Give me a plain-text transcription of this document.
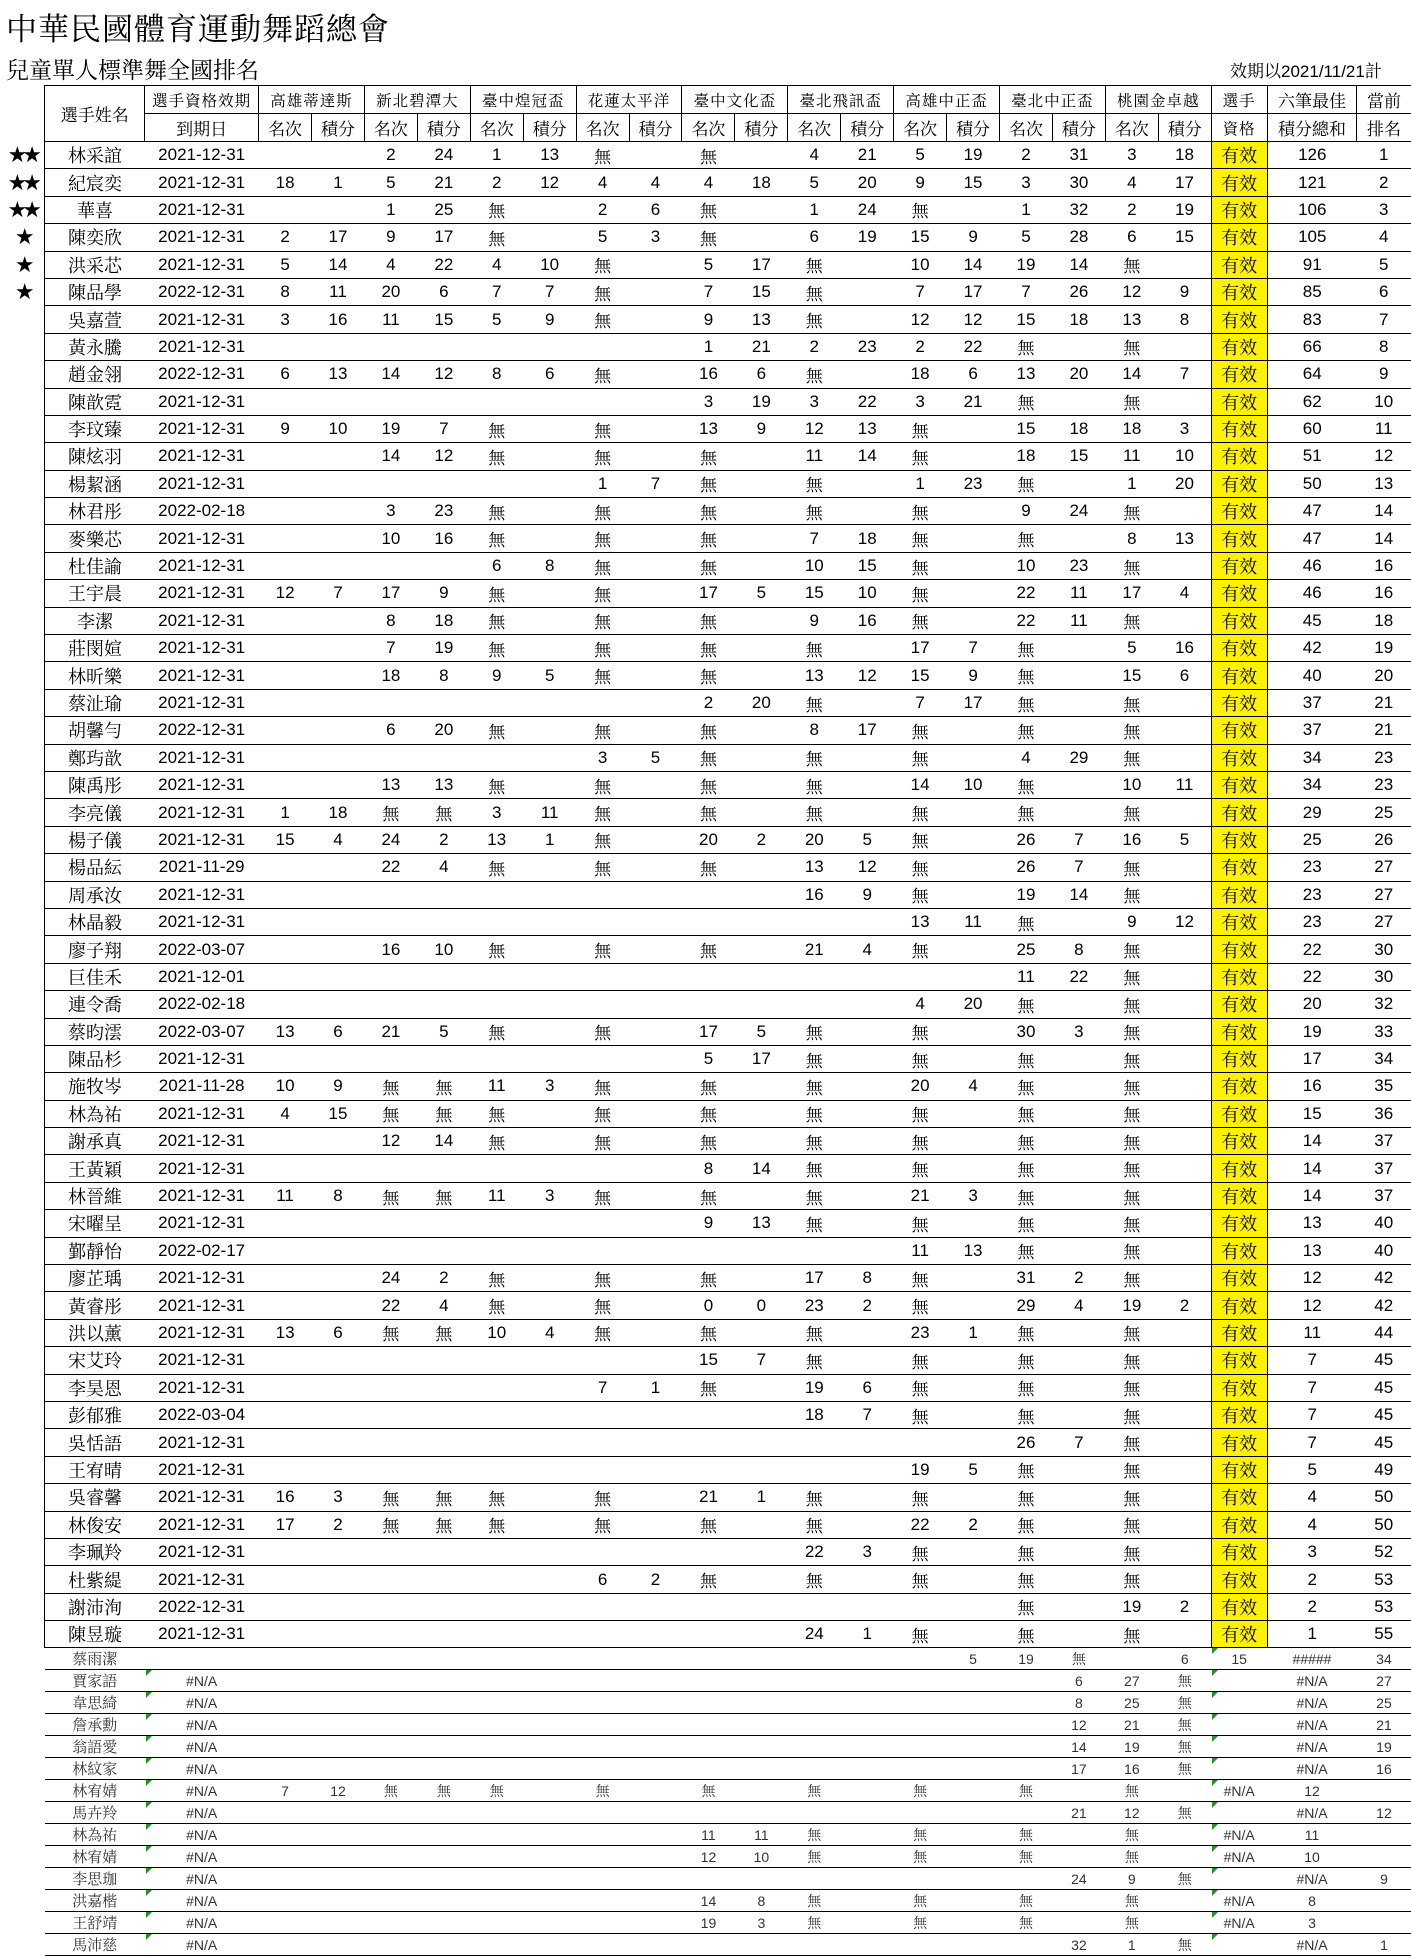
中華民國體育運動舞蹈總會
兒童單人標準舞全國排名	效期以2021/11/21計
	選手姓名	選手資格效期	高雄蒂達斯		新北碧潭大		臺中煌冠盃		花蓮太平洋		臺中文化盃		臺北飛訊盃		高雄中正盃		臺北中正盃		桃園金卓越		選手	六筆最佳	當前	
		到期日	名次	積分	名次	積分	名次	積分	名次	積分	名次	積分	名次	積分	名次	積分	名次	積分	名次	積分	資格	積分總和	排名	
★★	林采誼	2021-12-31			2	24	1	13	無		無		4	21	5	19	2	31	3	18	有效	126	1	
★★	紀宸奕	2021-12-31	18	1	5	21	2	12	4	4	4	18	5	20	9	15	3	30	4	17	有效	121	2	
★★	華喜	2021-12-31			1	25	無		2	6	無		1	24	無		1	32	2	19	有效	106	3	
★	陳奕欣	2021-12-31	2	17	9	17	無		5	3	無		6	19	15	9	5	28	6	15	有效	105	4	
★	洪采芯	2021-12-31	5	14	4	22	4	10	無		5	17	無		10	14	19	14	無		有效	91	5	
★	陳品學	2022-12-31	8	11	20	6	7	7	無		7	15	無		7	17	7	26	12	9	有效	85	6	
	吳嘉萱	2021-12-31	3	16	11	15	5	9	無		9	13	無		12	12	15	18	13	8	有效	83	7	
	黃永騰	2021-12-31									1	21	2	23	2	22	無		無		有效	66	8	
	趙金翎	2022-12-31	6	13	14	12	8	6	無		16	6	無		18	6	13	20	14	7	有效	64	9	
	陳歆霓	2021-12-31									3	19	3	22	3	21	無		無		有效	62	10	
	李玟臻	2021-12-31	9	10	19	7	無		無		13	9	12	13	無		15	18	18	3	有效	60	11	
	陳炫羽	2021-12-31			14	12	無		無		無		11	14	無		18	15	11	10	有效	51	12	
	楊絜涵	2021-12-31							1	7	無		無		1	23	無		1	20	有效	50	13	
	林君彤	2022-02-18			3	23	無		無		無		無		無		9	24	無		有效	47	14	
	麥樂芯	2021-12-31			10	16	無		無		無		7	18	無		無		8	13	有效	47	14	
	杜佳諭	2021-12-31					6	8	無		無		10	15	無		10	23	無		有效	46	16	
	王宇晨	2021-12-31	12	7	17	9	無		無		17	5	15	10	無		22	11	17	4	有效	46	16	
	李潔	2021-12-31			8	18	無		無		無		9	16	無		22	11	無		有效	45	18	
	莊閔媗	2021-12-31			7	19	無		無		無		無		17	7	無		5	16	有效	42	19	
	林昕樂	2021-12-31			18	8	9	5	無		無		13	12	15	9	無		15	6	有效	40	20	
	蔡沚瑜	2021-12-31									2	20	無		7	17	無		無		有效	37	21	
	胡馨勻	2022-12-31			6	20	無		無		無		8	17	無		無		無		有效	37	21	
	鄭玙歆	2021-12-31							3	5	無		無		無		4	29	無		有效	34	23	
	陳禹彤	2021-12-31			13	13	無		無		無		無		14	10	無		10	11	有效	34	23	
	李亮儀	2021-12-31	1	18	無	無	3	11	無		無		無		無		無		無		有效	29	25	
	楊子儀	2021-12-31	15	4	24	2	13	1	無		20	2	20	5	無		26	7	16	5	有效	25	26	
	楊品紜	2021-11-29			22	4	無		無		無		13	12	無		26	7	無		有效	23	27	
	周承汝	2021-12-31											16	9	無		19	14	無		有效	23	27	
	林晶毅	2021-12-31													13	11	無		9	12	有效	23	27	
	廖子翔	2022-03-07			16	10	無		無		無		21	4	無		25	8	無		有效	22	30	
	巨佳禾	2021-12-01															11	22	無		有效	22	30	
	連令喬	2022-02-18													4	20	無		無		有效	20	32	
	蔡昀澐	2022-03-07	13	6	21	5	無		無		17	5	無		無		30	3	無		有效	19	33	
	陳品杉	2021-12-31									5	17	無		無		無		無		有效	17	34	
	施牧岑	2021-11-28	10	9	無	無	11	3	無		無		無		20	4	無		無		有效	16	35	
	林為祐	2021-12-31	4	15	無	無	無		無		無		無		無		無		無		有效	15	36	
	謝承真	2021-12-31			12	14	無		無		無		無		無		無		無		有效	14	37	
	王黃穎	2021-12-31									8	14	無		無		無		無		有效	14	37	
	林晉維	2021-12-31	11	8	無	無	11	3	無		無		無		21	3	無		無		有效	14	37	
	宋曜呈	2021-12-31									9	13	無		無		無		無		有效	13	40	
	鄞靜怡	2022-02-17													11	13	無		無		有效	13	40	
	廖芷瑀	2021-12-31			24	2	無		無		無		17	8	無		31	2	無		有效	12	42	
	黃睿彤	2021-12-31			22	4	無		無		0	0	23	2	無		29	4	19	2	有效	12	42	
	洪以薰	2021-12-31	13	6	無	無	10	4	無		無		無		23	1	無		無		有效	11	44	
	宋艾玲	2021-12-31									15	7	無		無		無		無		有效	7	45	
	李昊恩	2021-12-31							7	1	無		19	6	無		無		無		有效	7	45	
	彭郁雅	2022-03-04											18	7	無		無		無		有效	7	45	
	吳恬語	2021-12-31															26	7	無		有效	7	45	
	王宥晴	2021-12-31													19	5	無		無		有效	5	49	
	吳睿馨	2021-12-31	16	3	無	無	無		無		21	1	無		無		無		無		有效	4	50	
	林俊安	2021-12-31	17	2	無	無	無		無		無		無		22	2	無		無		有效	4	50	
	李珮羚	2021-12-31											22	3	無		無		無		有效	3	52	
	杜紫緹	2021-12-31							6	2	無		無		無		無		無		有效	2	53	
	謝沛洵	2022-12-31															無		19	2	有效	2	53	
	陳昱璇	2021-12-31											24	1	無		無		無		有效	1	55	
	蔡雨潔															5	19	無		6	15	#####	34	
	賈家語	#N/A																6	27	無		#N/A	27	
	韋思綺	#N/A																8	25	無		#N/A	25	
	詹承勳	#N/A																12	21	無		#N/A	21	
	翁語愛	#N/A																14	19	無		#N/A	19	
	林紋家	#N/A																17	16	無		#N/A	16	
	林宥婧	#N/A	7	12	無	無	無		無		無		無		無		無		無		#N/A	12		
	馬卉羚	#N/A																21	12	無		#N/A	12	
	林為祐	#N/A									11	11	無		無		無		無		#N/A	11		
	林宥婧	#N/A									12	10	無		無		無		無		#N/A	10		
	李思珈	#N/A																24	9	無		#N/A	9	
	洪嘉楷	#N/A									14	8	無		無		無		無		#N/A	8		
	王舒靖	#N/A									19	3	無		無		無		無		#N/A	3		
	馬沛慈	#N/A																32	1	無		#N/A	1	
